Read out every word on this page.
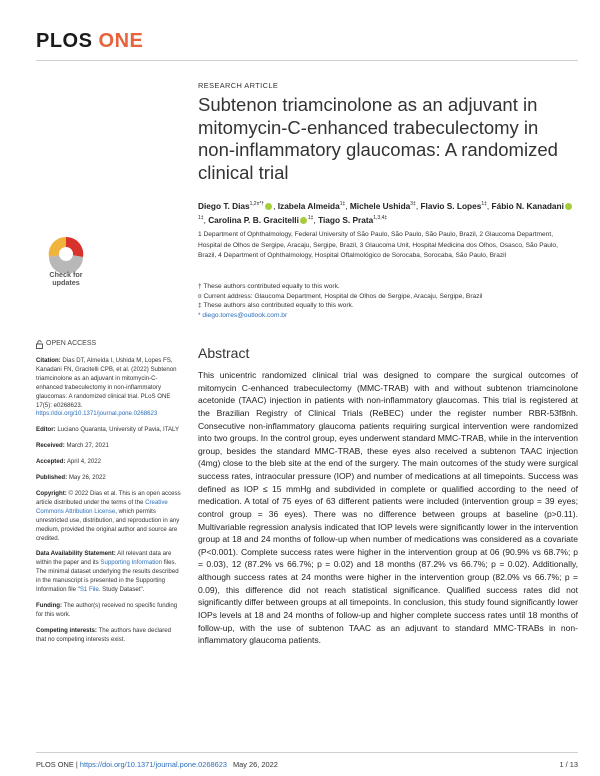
PLOS ONE
Check for
updates
RESEARCH ARTICLE
Subtenon triamcinolone as an adjuvant in mitomycin-C-enhanced trabeculectomy in non-inflammatory glaucomas: A randomized clinical trial
Diego T. Dias$^{1,2¤*\dagger}$ , Izabela Almeida$^{1\ddagger}$, Michele Ushida$^{3\ddagger}$, Flavio S. Lopes$^{1\ddagger}$, Fábio N. Kanadani$^{1\ddagger}$, Carolina P. B. Gracitelli $^{1\ddagger}$, Tiago S. Prata$^{1,3,4\ddagger}$
1 Department of Ophthalmology, Federal University of São Paulo, São Paulo, São Paulo, Brazil, 2 Glaucoma Department, Hospital de Olhos de Sergipe, Aracaju, Sergipe, Brazil, 3 Glaucoma Unit, Hospital Medicina dos Olhos, Osasco, São Paulo, Brazil, 4 Department of Ophthalmology, Hospital Oftalmológico de Sorocaba, Sorocaba, São Paulo, Brazil
† These authors contributed equally to this work.
¤ Current address: Glaucoma Department, Hospital de Olhos de Sergipe, Aracaju, Sergipe, Brazil
‡ These authors also contributed equally to this work.
* diego.torres@outlook.com.br
Abstract
This unicentric randomized clinical trial was designed to compare the surgical outcomes of mitomycin C-enhanced trabeculectomy (MMC-TRAB) with and without subtenon triamcinolone acetonide (TAAC) injection in patients with non-inflammatory glaucomas. This trial is registered at the Brazilian Registry of Clinical Trials (ReBEC) under the register number RBR-53f8nh. Consecutive non-inflammatory glaucoma patients requiring surgical intervention were randomized into two groups. In the control group, eyes underwent standard MMC-TRAB, while in the intervention group, besides the standard MMC-TRAB, these eyes also received a subtenon TAAC injection (4mg) close to the bleb site at the end of the surgery. The main outcomes of the study were surgical success rates, intraocular pressure (IOP) and number of medications at all timepoints. Success was defined as IOP ≤ 15 mmHg and subdivided in complete or qualified according to the need of medication. A total of 75 eyes of 63 different patients were included (intervention group = 39 eyes; control group = 36 eyes). There was no difference between groups at baseline (p>0.11). Multivariable regression analysis indicated that IOP levels were significantly lower in the intervention group at 18 and 24 months of follow-up when number of medications was considered as a covariate (P<0.001). Complete success rates were higher in the intervention group at 06 (90.9% vs 68.7%; p = 0.03), 12 (87.2% vs 66.7%; p = 0.02) and 18 months (87.2% vs 66.7%; p = 0.02). Additionally, although success rates at 24 months were higher in the intervention group (82.0% vs 66.7%; p = 0.09), this difference did not reach statistical significance. Qualified success rates did not significantly differ between groups at all timepoints. In conclusion, this study found significantly lower IOPs levels at 18 and 24 months of follow-up and higher complete success rates until 18 months of follow-up, with the use of subtenon TAAC as an adjuvant to standard MMC-TRABs in non-inflammatory glaucoma patients.
OPEN ACCESS

Citation: Dias DT, Almeida I, Ushida M, Lopes FS, Kanadani FN, Gracitelli CPB, et al. (2022) Subtenon triamcinolone as an adjuvant in mitomycin-C-enhanced trabeculectomy in non-inflammatory glaucomas: A randomized clinical trial. PLoS ONE 17(5): e0268623. https://doi.org/10.1371/journal.pone.0268623

Editor: Luciano Quaranta, University of Pavia, ITALY

Received: March 27, 2021

Accepted: April 4, 2022

Published: May 26, 2022

Copyright: © 2022 Dias et al. This is an open access article distributed under the terms of the Creative Commons Attribution License, which permits unrestricted use, distribution, and reproduction in any medium, provided the original author and source are credited.

Data Availability Statement: All relevant data are within the paper and its Supporting Information files. The minimal dataset underlying the results described in the manuscript is presented in the Supporting Information file "S1 File. Study Dataset".

Funding: The author(s) received no specific funding for this work.

Competing interests: The authors have declared that no competing interests exist.

PLOS ONE | https://doi.org/10.1371/journal.pone.0268623 May 26, 2022	1 / 13
